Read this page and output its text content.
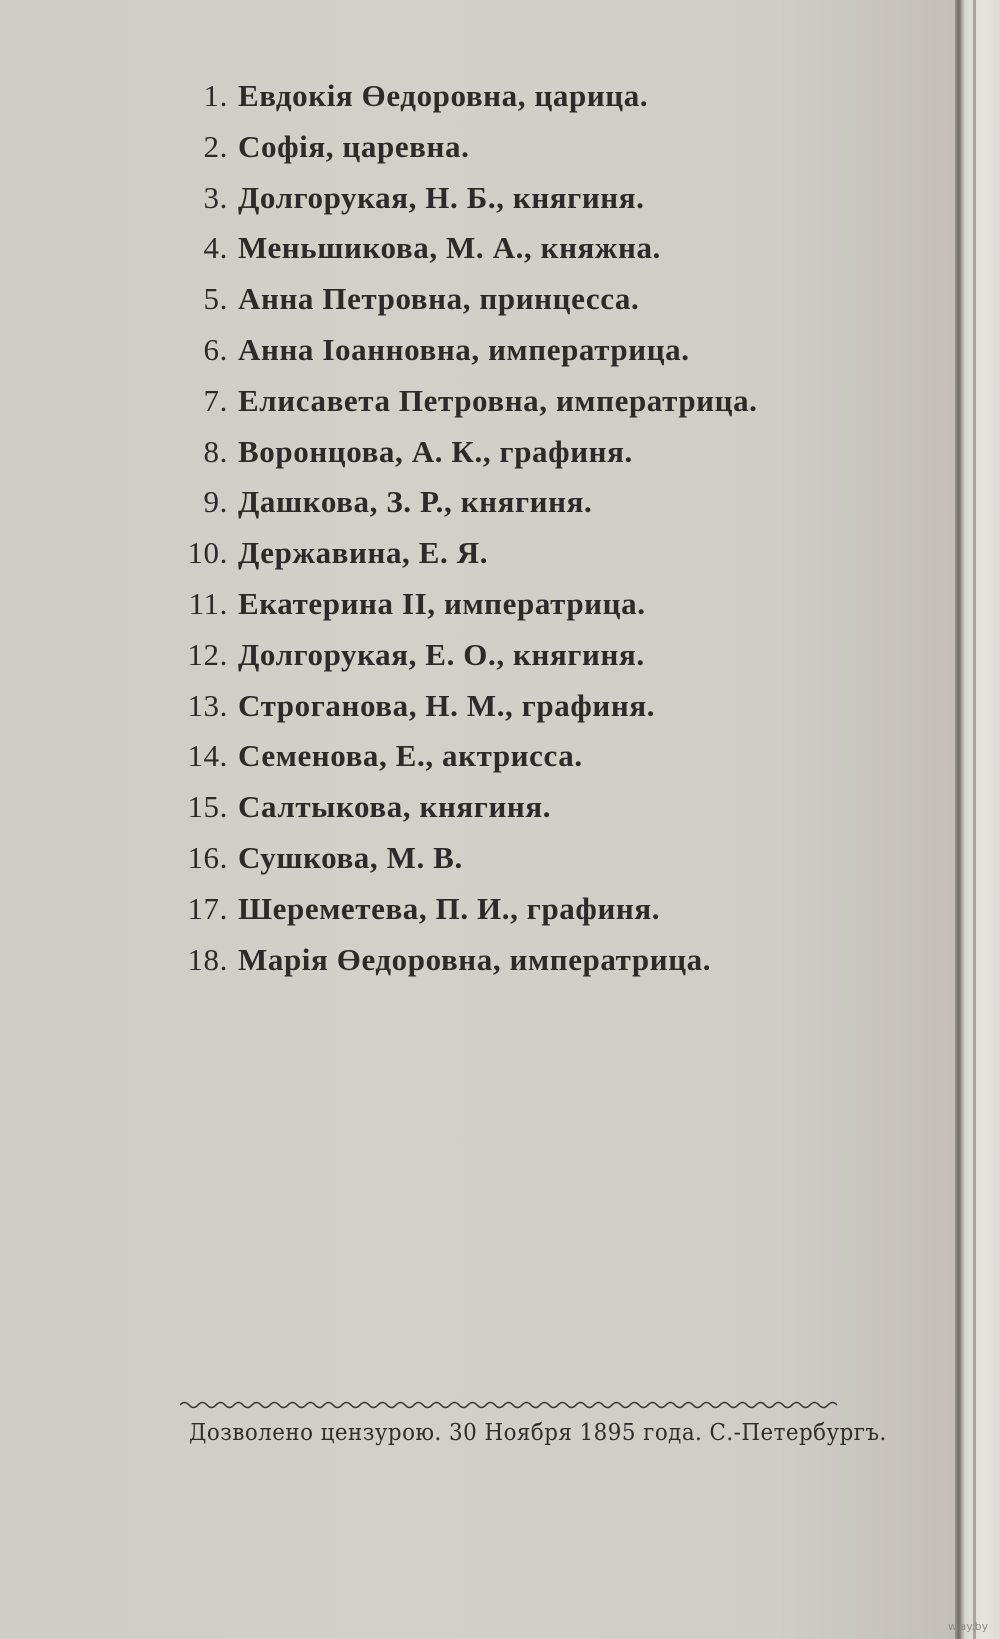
1. Евдокія Өедоровна, царица.
2. Софія, царевна.
3. Долгорукая, Н. Б., княгиня.
4. Меньшикова, М. А., княжна.
5. Анна Петровна, принцесса.
6. Анна Іоанновна, императрица.
7. Елисавета Петровна, императрица.
8. Воронцова, А. К., графиня.
9. Дашкова, З. Р., княгиня.
10. Державина, Е. Я.
11. Екатерина II, императрица.
12. Долгорукая, Е. О., княгиня.
13. Строганова, Н. М., графиня.
14. Семенова, Е., актрисса.
15. Салтыкова, княгиня.
16. Сушкова, М. В.
17. Шереметева, П. И., графиня.
18. Марія Өедоровна, императрица.
Дозволено цензурою. 30 Ноября 1895 года. С.-Петербургъ.
w.ay.by
